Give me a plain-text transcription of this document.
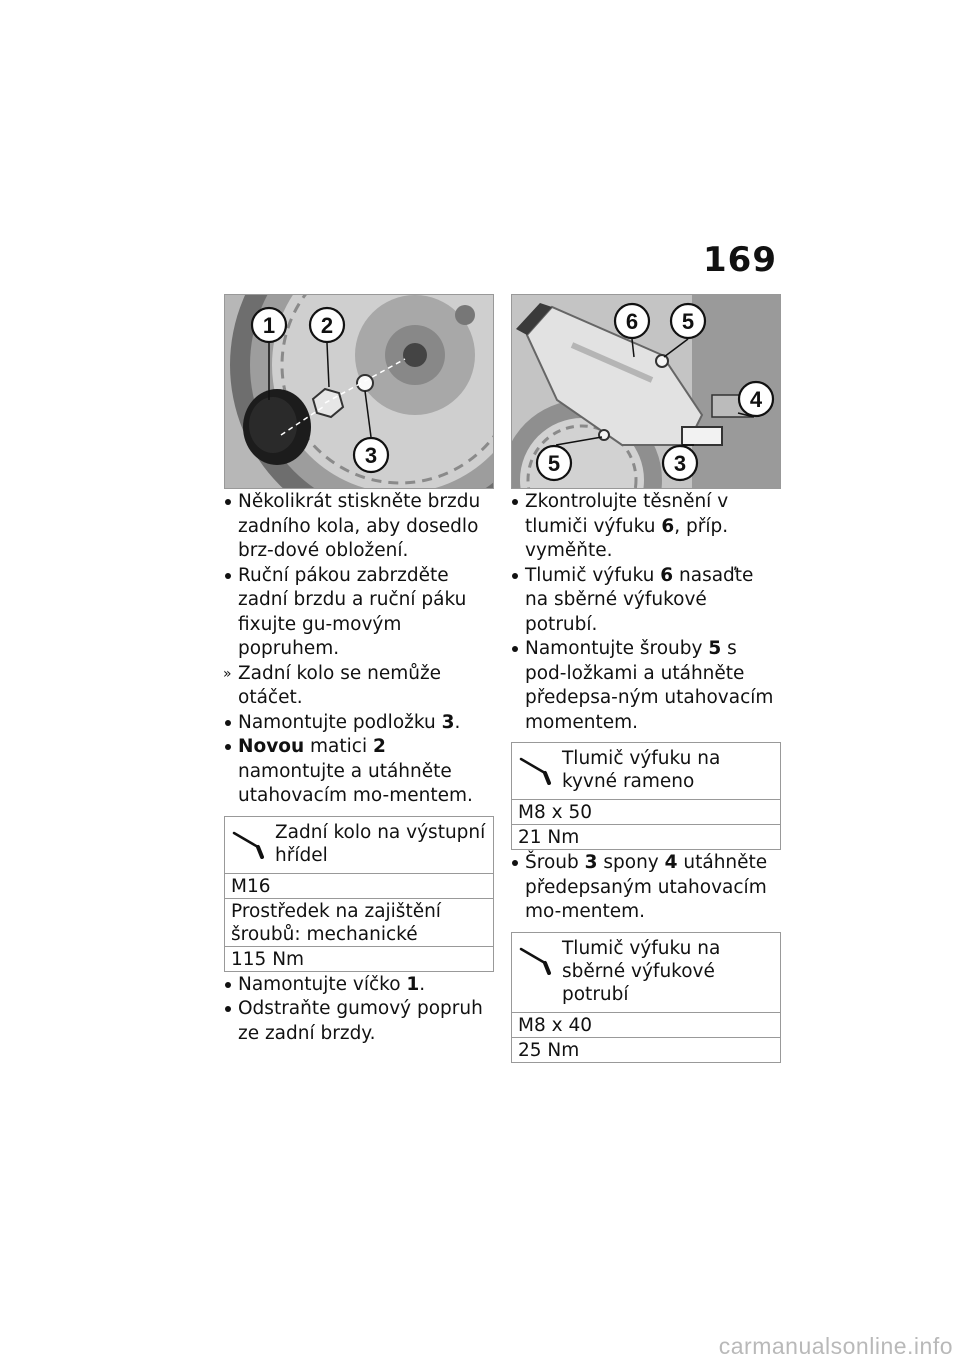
169
1 2
3
6 5
4
5	3

Několikrát stiskněte brzdu zadního kola, aby dosedlo brz-dové obložení.

Ruční pákou zabrzděte zadní brzdu a ruční páku fixujte gu-movým popruhem.

» Zadní kolo se nemůže otáčet.

Namontujte podložku 3.

Novou matici 2 namontujte a utáhněte utahovacím mo-mentem.

Zadní kolo na výstupní hřídel
M16
Prostředek na zajištění šroubů: mechanické
115 Nm

Namontujte víčko 1.

Odstraňte gumový popruh ze zadní brzdy.

Zkontrolujte těsnění v tlumiči výfuku 6, příp. vyměňte.

Tlumič výfuku 6 nasaďte na sběrné výfukové potrubí.

Namontujte šrouby 5 s pod-ložkami a utáhněte předepsa-ným utahovacím momentem.

Tlumič výfuku na kyvné rameno
M8 x 50
21 Nm

Šroub 3 spony 4 utáhněte předepsaným utahovacím mo-mentem.

Tlumič výfuku na sběrné výfukové potrubí
M8 x 40
25 Nm
carmanualsonline.info
